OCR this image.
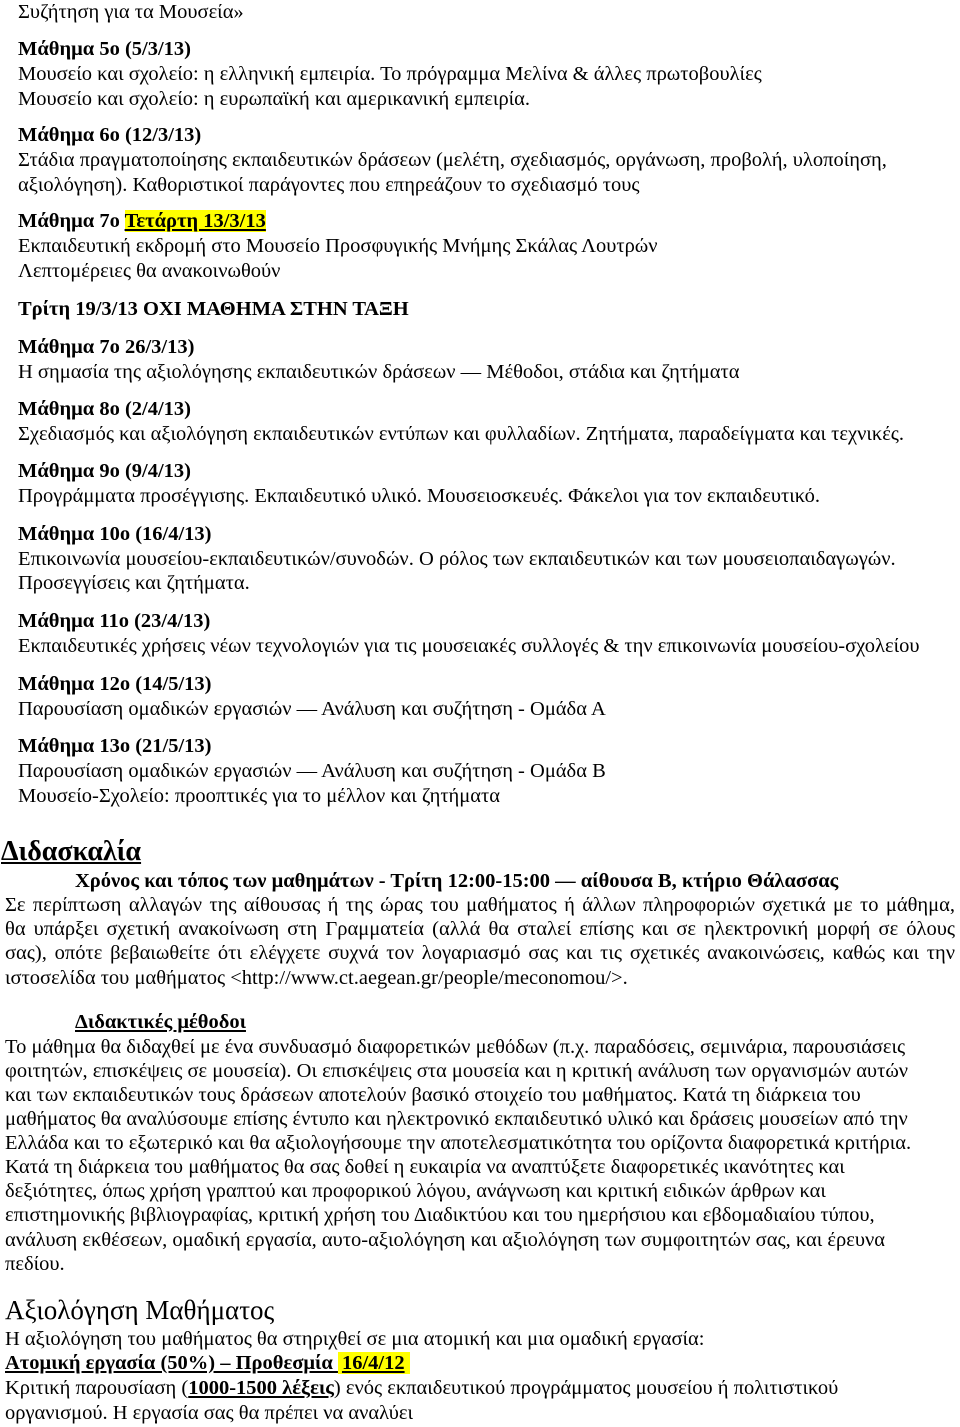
Συζήτηση για τα Μουσεία»
Μάθημα 5ο (5/3/13)
Μουσείο και σχολείο: η ελληνική εμπειρία. Το πρόγραμμα Μελίνα & άλλες πρωτοβουλίες
Μουσείο και σχολείο: η ευρωπαϊκή και αμερικανική εμπειρία.
Μάθημα 6ο (12/3/13)
Στάδια πραγματοποίησης εκπαιδευτικών δράσεων (μελέτη, σχεδιασμός, οργάνωση, προβολή, υλοποίηση,
αξιολόγηση). Καθοριστικοί παράγοντες που επηρεάζουν το σχεδιασμό τους
Μάθημα 7ο Τετάρτη 13/3/13
Εκπαιδευτική εκδρομή στο Μουσείο Προσφυγικής Μνήμης Σκάλας Λουτρών
Λεπτομέρειες θα ανακοινωθούν
Τρίτη 19/3/13 ΟΧΙ ΜΑΘΗΜΑ ΣΤΗΝ ΤΑΞΗ
Μάθημα 7ο 26/3/13)
Η σημασία της αξιολόγησης εκπαιδευτικών δράσεων — Μέθοδοι, στάδια και ζητήματα
Μάθημα 8ο (2/4/13)
Σχεδιασμός και αξιολόγηση εκπαιδευτικών εντύπων και φυλλαδίων. Ζητήματα, παραδείγματα και τεχνικές.
Μάθημα 9ο (9/4/13)
Προγράμματα προσέγγισης. Εκπαιδευτικό υλικό. Μουσειοσκευές. Φάκελοι για τον εκπαιδευτικό.
Μάθημα 10ο (16/4/13)
Επικοινωνία μουσείου-εκπαιδευτικών/συνοδών. Ο ρόλος των εκπαιδευτικών και των μουσειοπαιδαγωγών.
Προσεγγίσεις και ζητήματα.
Μάθημα 11ο (23/4/13)
Εκπαιδευτικές χρήσεις νέων τεχνολογιών για τις μουσειακές συλλογές & την επικοινωνία μουσείου-σχολείου
Μάθημα 12ο (14/5/13)
Παρουσίαση ομαδικών εργασιών — Ανάλυση και συζήτηση - Ομάδα Α
Μάθημα 13ο (21/5/13)
Παρουσίαση ομαδικών εργασιών — Ανάλυση και συζήτηση - Ομάδα Β
Μουσείο-Σχολείο: προοπτικές για το μέλλον και ζητήματα
Διδασκαλία
Χρόνος και τόπος των μαθημάτων - Τρίτη 12:00-15:00 — αίθουσα Β, κτήριο Θάλασσας
Σε περίπτωση αλλαγών της αίθουσας ή της ώρας του μαθήματος ή άλλων πληροφοριών σχετικά με το μάθημα,
θα υπάρξει σχετική ανακοίνωση στη Γραμματεία (αλλά θα σταλεί επίσης και σε ηλεκτρονική μορφή σε όλους
σας), οπότε βεβαιωθείτε ότι ελέγχετε συχνά τον λογαριασμό σας και τις σχετικές ανακοινώσεις, καθώς και την
ιστοσελίδα του μαθήματος <http://www.ct.aegean.gr/people/meconomou/>.
Διδακτικές μέθοδοι
Το μάθημα θα διδαχθεί με ένα συνδυασμό διαφορετικών μεθόδων (π.χ. παραδόσεις, σεμινάρια, παρουσιάσεις
φοιτητών, επισκέψεις σε μουσεία). Οι επισκέψεις στα μουσεία και η κριτική ανάλυση των οργανισμών αυτών
και των εκπαιδευτικών τους δράσεων αποτελούν βασικό στοιχείο του μαθήματος. Κατά τη διάρκεια του
μαθήματος θα αναλύσουμε επίσης έντυπο και ηλεκτρονικό εκπαιδευτικό υλικό και δράσεις μουσείων από την
Ελλάδα και το εξωτερικό και θα αξιολογήσουμε την αποτελεσματικότητα του ορίζοντα διαφορετικά κριτήρια.
Κατά τη διάρκεια του μαθήματος θα σας δοθεί η ευκαιρία να αναπτύξετε διαφορετικές ικανότητες και
δεξιότητες, όπως χρήση γραπτού και προφορικού λόγου, ανάγνωση και κριτική ειδικών άρθρων και
επιστημονικής βιβλιογραφίας, κριτική χρήση του Διαδικτύου και του ημερήσιου και εβδομαδιαίου τύπου,
ανάλυση εκθέσεων, ομαδική εργασία, αυτο-αξιολόγηση και αξιολόγηση των συμφοιτητών σας, και έρευνα
πεδίου.
Αξιολόγηση Μαθήματος
Η αξιολόγηση του μαθήματος θα στηριχθεί σε μια ατομική και μια ομαδική εργασία:
Ατομική εργασία (50%) – Προθεσμία 16/4/12
Κριτική παρουσίαση (1000-1500 λέξεις) ενός εκπαιδευτικού προγράμματος μουσείου ή πολιτιστικού
οργανισμού. Η εργασία σας θα πρέπει να αναλύει
